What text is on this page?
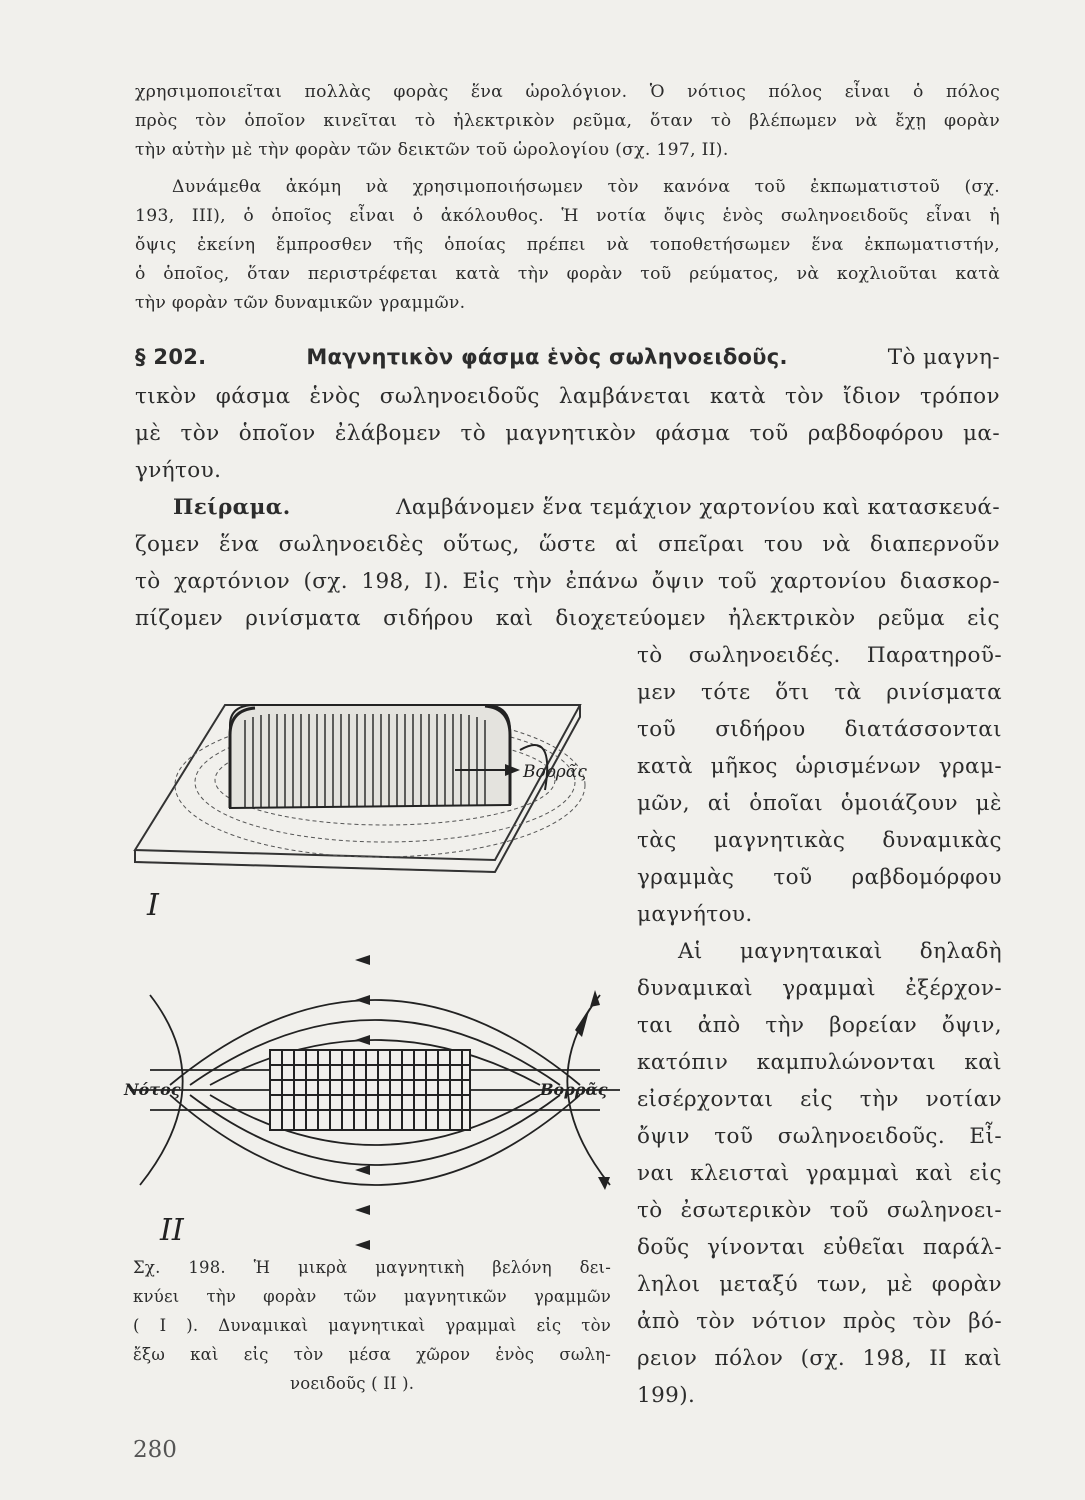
χρησιμοποιεῖται πολλὰς φορὰς ἕνα ὡρολόγιον. Ὁ νότιος πόλος εἶναι ὁ πόλος
πρὸς τὸν ὁποῖον κινεῖται τὸ ἠλεκτρικὸν ρεῦμα, ὅταν τὸ βλέπωμεν νὰ ἔχῃ φορὰν
τὴν αὐτὴν μὲ τὴν φορὰν τῶν δεικτῶν τοῦ ὡρολογίου (σχ. 197, II).
Δυνάμεθα ἀκόμη νὰ χρησιμοποιήσωμεν τὸν κανόνα τοῦ ἐκπωματιστοῦ (σχ.
193, III), ὁ ὁποῖος εἶναι ὁ ἀκόλουθος. Ἡ νοτία ὄψις ἑνὸς σωληνοειδοῦς εἶναι ἡ
ὄψις ἐκείνη ἔμπροσθεν τῆς ὁποίας πρέπει νὰ τοποθετήσωμεν ἕνα ἐκπωματιστήν,
ὁ ὁποῖος, ὅταν περιστρέφεται κατὰ τὴν φορὰν τοῦ ρεύματος, νὰ κοχλιοῦται κατὰ
τὴν φορὰν τῶν δυναμικῶν γραμμῶν.
§ 202.	Μαγνητικὸν φάσμα ἑνὸς σωληνοειδοῦς.	Τὸ μαγνη-
τικὸν φάσμα ἑνὸς σωληνοειδοῦς λαμβάνεται κατὰ τὸν ἴδιον τρόπον
μὲ τὸν ὁποῖον ἐλάβομεν τὸ μαγνητικὸν φάσμα τοῦ ραβδοφόρου μα-
γνήτου.
Πείραμα.	Λαμβάνομεν ἕνα τεμάχιον χαρτονίου καὶ κατασκευά-
ζομεν ἕνα σωληνοειδὲς οὕτως, ὥστε αἱ σπεῖραι του νὰ διαπερνοῦν
τὸ χαρτόνιον (σχ. 198, I). Εἰς τὴν ἐπάνω ὄψιν τοῦ χαρτονίου διασκορ-
πίζομεν ρινίσματα σιδήρου καὶ διοχετεύομεν ἠλεκτρικὸν ρεῦμα εἰς
τὸ σωληνοειδές. Παρατηροῦ-
μεν τότε ὅτι τὰ ρινίσματα
τοῦ σιδήρου διατάσσονται
κατὰ μῆκος ὡρισμένων γραμ-
μῶν, αἱ ὁποῖαι ὁμοιάζουν μὲ
τὰς μαγνητικὰς δυναμικὰς
γραμμὰς τοῦ ραβδομόρφου
μαγνήτου.
Αἱ μαγνηταικαὶ δηλαδὴ
δυναμικαὶ γραμμαὶ ἐξέρχον-
ται ἀπὸ τὴν βορείαν ὄψιν,
κατόπιν καμπυλώνονται καὶ
εἰσέρχονται εἰς τὴν νοτίαν
ὄψιν τοῦ σωληνοειδοῦς. Εἶ-
ναι κλεισταὶ γραμμαὶ καὶ εἰς
τὸ ἐσωτερικὸν τοῦ σωληνοει-
δοῦς γίνονται εὐθεῖαι παράλ-
ληλοι μεταξύ των, μὲ φορὰν
ἀπὸ τὸν νότιον πρὸς τὸν βό-
ρειον πόλον (σχ. 198, II καὶ
199).
Βορρᾶς
I
Νότος	Βορρᾶς
II
Σχ. 198. Ἡ μικρὰ μαγνητικὴ βελόνη δει-
κνύει τὴν φορὰν τῶν μαγνητικῶν γραμμῶν
( I ). Δυναμικαὶ μαγνητικαὶ γραμμαὶ εἰς τὸν
ἔξω καὶ εἰς τὸν μέσα χῶρον ἑνὸς σωλη-
νοειδοῦς ( II ).
280
